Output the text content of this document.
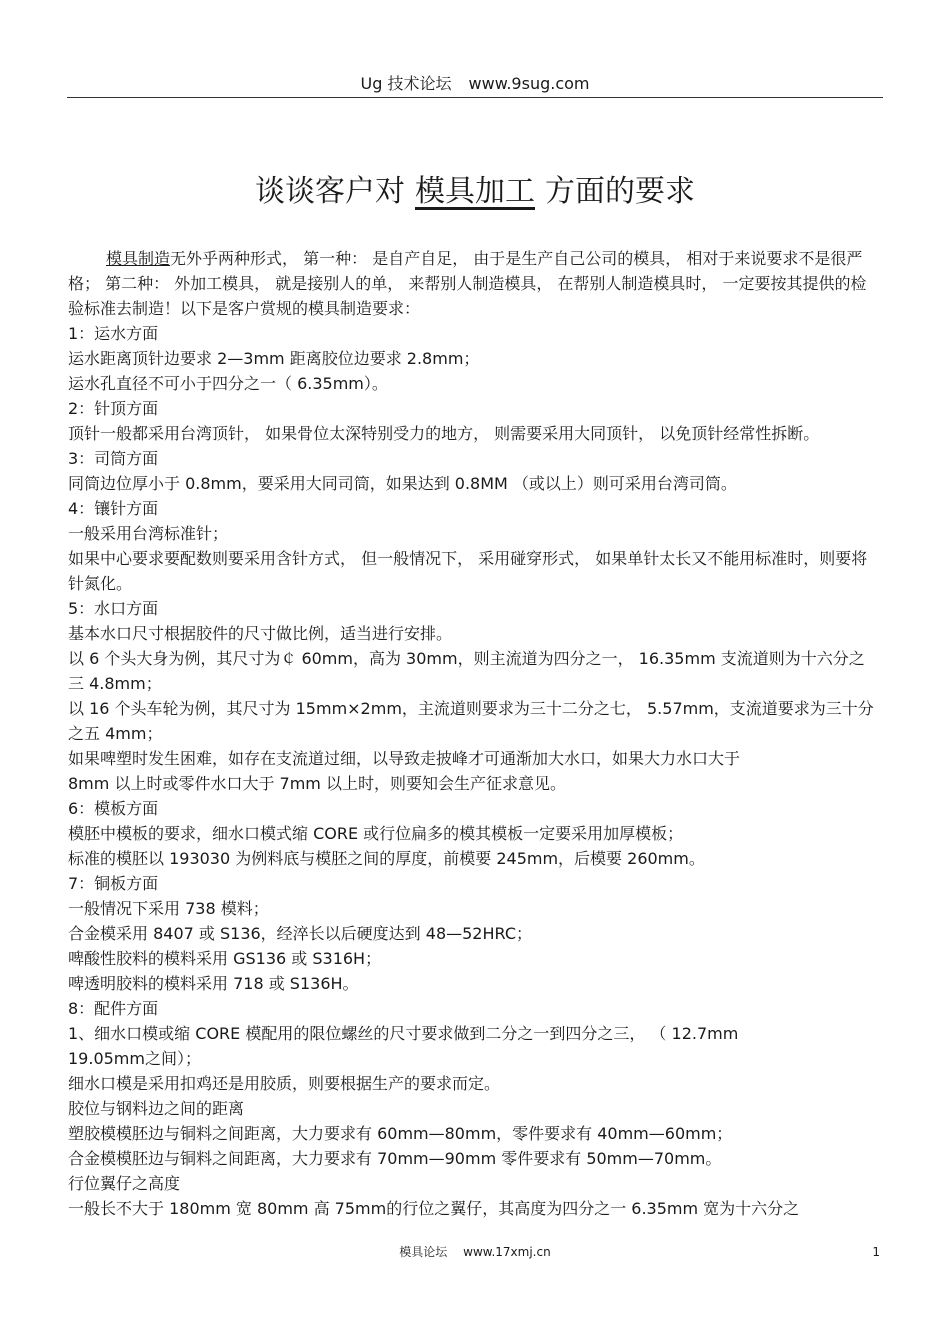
Ug 技术论坛 www.9sug.com
谈谈客户对 模具加工 方面的要求

模具制造无外乎两种形式， 第一种： 是自产自足， 由于是生产自己公司的模具， 相对于来说要求不是很严格； 第二种： 外加工模具， 就是接别人的单， 来帮别人制造模具， 在帮别人制造模具时， 一定要按其提供的检验标准去制造！以下是客户赏规的模具制造要求：

1：运水方面

运水距离顶针边要求 2—3mm 距离胶位边要求 2.8mm；

运水孔直径不可小于四分之一（ 6.35mm）。

2：针顶方面

顶针一般都采用台湾顶针， 如果骨位太深特别受力的地方， 则需要采用大同顶针， 以免顶针经常性拆断。

3：司筒方面

同筒边位厚小于 0.8mm，要采用大同司筒，如果达到 0.8MM （或以上）则可采用台湾司筒。

4：镶针方面

一般采用台湾标准针；

如果中心要求要配数则要采用含针方式， 但一般情况下， 采用碰穿形式， 如果单针太长又不能用标准时，则要将针氮化。

5：水口方面

基本水口尺寸根据胶件的尺寸做比例，适当进行安排。

以 6 个头大身为例，其尺寸为￠ 60mm，高为 30mm，则主流道为四分之一， 16.35mm 支流道则为十六分之三 4.8mm；

以 16 个头车轮为例，其尺寸为 15mm×2mm，主流道则要求为三十二分之七， 5.57mm，支流道要求为三十分之五 4mm；

如果啤塑时发生困难，如存在支流道过细，以导致走披峰才可通渐加大水口，如果大力水口大于

8mm 以上时或零件水口大于 7mm 以上时，则要知会生产征求意见。

6：模板方面

模胚中模板的要求，细水口模式缩 CORE 或行位扁多的模其模板一定要采用加厚模板；

标准的模胚以 193030 为例料底与模胚之间的厚度，前模要 245mm，后模要 260mm。

7：铜板方面

一般情况下采用 738 模料；

合金模采用 8407 或 S136，经淬长以后硬度达到 48—52HRC；

啤酸性胶料的模料采用 GS136 或 S316H；

啤透明胶料的模料采用 718 或 S136H。

8：配件方面

1、细水口模或缩 CORE 模配用的限位螺丝的尺寸要求做到二分之一到四分之三， （ 12.7mm

19.05mm之间）；

细水口模是采用扣鸡还是用胶质，则要根据生产的要求而定。

胶位与钢料边之间的距离

塑胶模模胚边与铜料之间距离，大力要求有 60mm—80mm，零件要求有 40mm—60mm；

合金模模胚边与铜料之间距离，大力要求有 70mm—90mm 零件要求有 50mm—70mm。

行位翼仔之高度

一般长不大于 180mm 宽 80mm 高 75mm的行位之翼仔，其高度为四分之一 6.35mm 宽为十六分之

模具论坛 www.17xmj.cn	1
